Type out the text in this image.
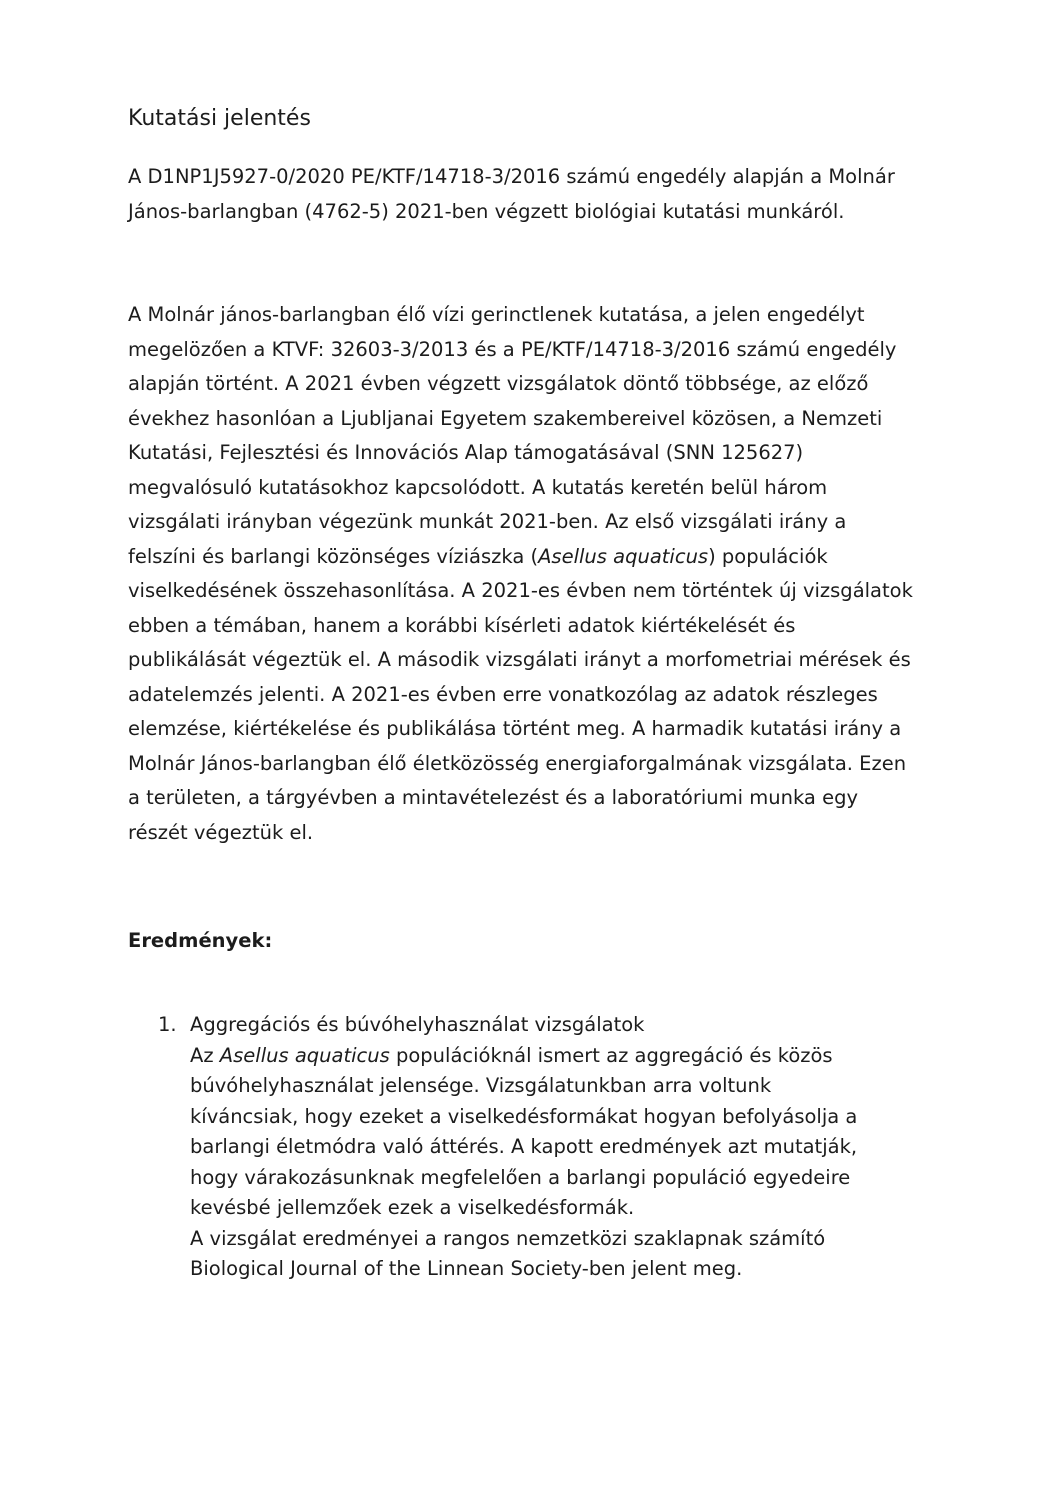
Kutatási jelentés

A D1NP1J5927-0/2020 PE/KTF/14718-3/2016 számú engedély alapján a Molnár János-barlangban (4762-5) 2021-ben végzett biológiai kutatási munkáról.

A Molnár jános-barlangban élő vízi gerinctlenek kutatása, a jelen engedélyt megelözően a KTVF: 32603-3/2013 és a PE/KTF/14718-3/2016 számú engedély alapján történt. A 2021 évben végzett vizsgálatok döntő többsége, az előző évekhez hasonlóan a Ljubljanai Egyetem szakembereivel közösen, a Nemzeti Kutatási, Fejlesztési és Innovációs Alap támogatásával (SNN 125627) megvalósuló kutatásokhoz kapcsolódott. A kutatás keretén belül három vizsgálati irányban végezünk munkát 2021-ben. Az első vizsgálati irány a felszíni és barlangi közönséges víziászka (Asellus aquaticus) populációk viselkedésének összehasonlítása. A 2021-es évben nem történtek új vizsgálatok ebben a témában, hanem a korábbi kísérleti adatok kiértékelését és publikálását végeztük el. A második vizsgálati irányt a morfometriai mérések és adatelemzés jelenti. A 2021-es évben erre vonatkozólag az adatok részleges elemzése, kiértékelése és publikálása történt meg. A harmadik kutatási irány a Molnár János-barlangban élő életközösség energiaforgalmának vizsgálata. Ezen a területen, a tárgyévben a mintavételezést és a laboratóriumi munka egy részét végeztük el.

Eredmények:
1. Aggregációs és búvóhelyhasználat vizsgálatok
Az Asellus aquaticus populációknál ismert az aggregáció és közös búvóhelyhasználat jelensége. Vizsgálatunkban arra voltunk kíváncsiak, hogy ezeket a viselkedésformákat hogyan befolyásolja a barlangi életmódra való áttérés. A kapott eredmények azt mutatják, hogy várakozásunknak megfelelően a barlangi populáció egyedeire kevésbé jellemzőek ezek a viselkedésformák.
A vizsgálat eredményei a rangos nemzetközi szaklapnak számító Biological Journal of the Linnean Society-ben jelent meg.
